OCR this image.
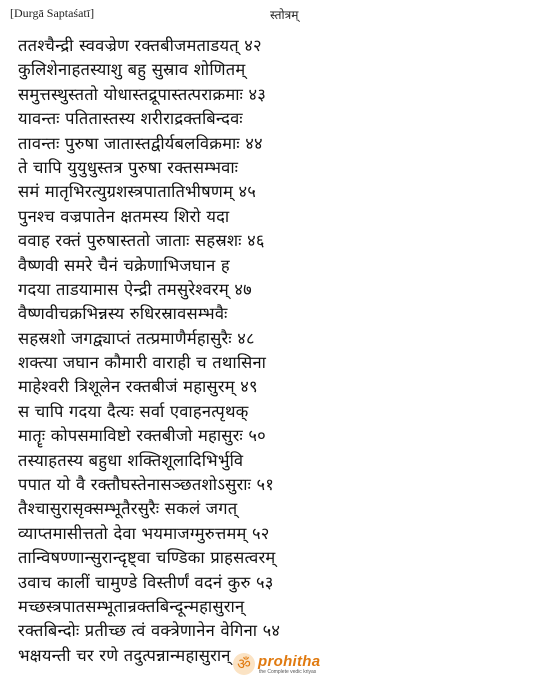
[Durgā Saptaśatī]	स्तोत्रम्
ततश्चैन्द्री स्ववज्रेण रक्तबीजमताडयत् ४२
कुलिशेनाहतस्याशु बहु सुस्राव शोणितम्
समुत्तस्थुस्ततो योधास्तद्रूपास्तत्पराक्रमाः ४३
यावन्तः पतितास्तस्य शरीराद्रक्तबिन्दवः
तावन्तः पुरुषा जातास्तद्वीर्यबलविक्रमाः ४४
ते चापि युयुधुस्तत्र पुरुषा रक्तसम्भवाः
समं मातृभिरत्युग्रशस्त्रपातातिभीषणम् ४५
पुनश्च वज्रपातेन क्षतमस्य शिरो यदा
ववाह रक्तं पुरुषास्ततो जाताः सहस्रशः ४६
वैष्णवी समरे चैनं चक्रेणाभिजघान ह
गदया ताडयामास ऐन्द्री तमसुरेश्वरम् ४७
वैष्णवीचक्रभिन्नस्य रुधिरस्रावसम्भवैः
सहस्रशो जगद्व्याप्तं तत्प्रमाणैर्महासुरैः ४८
शक्त्या जघान कौमारी वाराही च तथासिना
माहेश्वरी त्रिशूलेन रक्तबीजं महासुरम् ४९
स चापि गदया दैत्यः सर्वा एवाहनत्पृथक्
मातॄः कोपसमाविष्टो रक्तबीजो महासुरः ५०
तस्याहतस्य बहुधा शक्तिशूलादिभिर्भुवि
पपात यो वै रक्तौघस्तेनासञ्छतशोऽसुराः ५१
तैश्चासुरासृक्सम्भूतैरसुरैः सकलं जगत्
व्याप्तमासीत्ततो देवा भयमाजग्मुरुत्तमम् ५२
तान्विषण्णान्सुरान्दृष्ट्वा चण्डिका प्राहसत्वरम्
उवाच कालीं चामुण्डे विस्तीर्णं वदनं कुरु ५३
मच्छस्त्रपातसम्भूतान्रक्तबिन्दून्महासुरान्
रक्तबिन्दोः प्रतीच्छ त्वं वक्त्रेणानेन वेगिना ५४
भक्षयन्ती चर रणे तदुत्पन्नान्महासुरान् ॐ prohitha
the Complete vedic kriyas
